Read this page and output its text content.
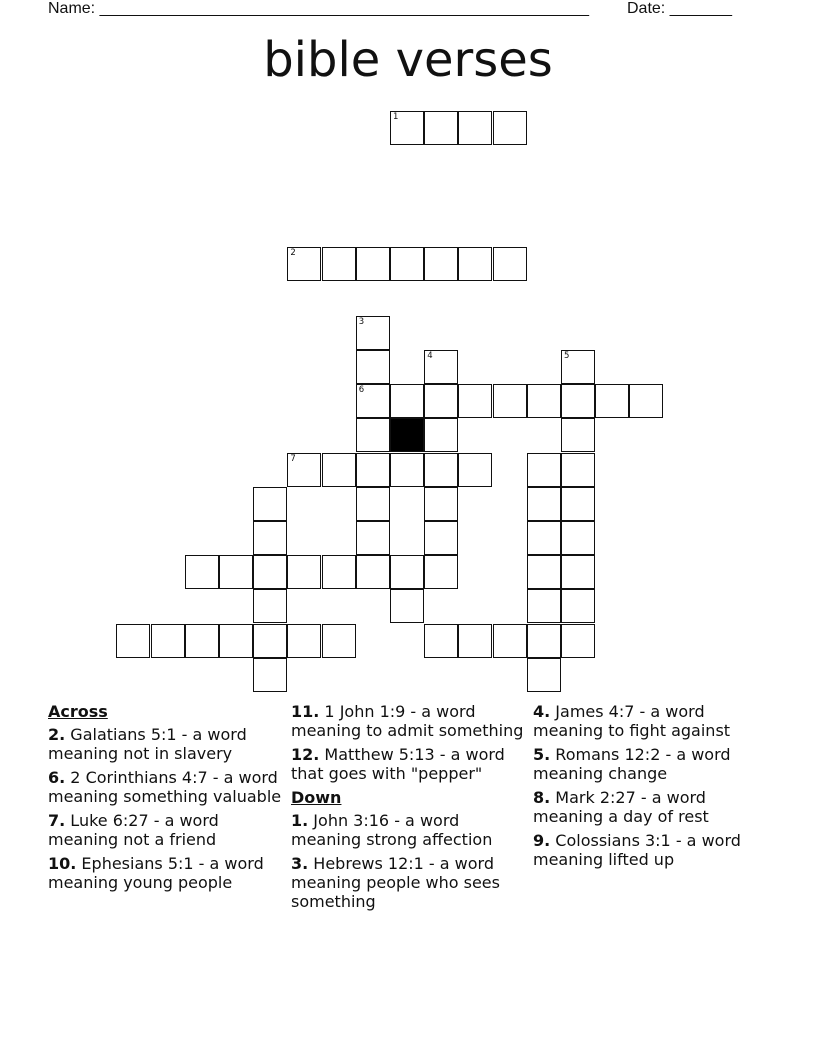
Name: _______________________________________________________ Date: _______
bible verses
1
2
3
4	5
6
7
Across
2. Galatians 5:1 - a word meaning not in slavery
6. 2 Corinthians 4:7 - a word meaning something valuable
7. Luke 6:27 - a word meaning not a friend
10. Ephesians 5:1 - a word meaning young people
11. 1 John 1:9 - a word meaning to admit something
12. Matthew 5:13 - a word that goes with "pepper"
Down
1. John 3:16 - a word meaning strong affection
3. Hebrews 12:1 - a word meaning people who sees something
4. James 4:7 - a word meaning to fight against
5. Romans 12:2 - a word meaning change
8. Mark 2:27 - a word meaning a day of rest
9. Colossians 3:1 - a word meaning lifted up
